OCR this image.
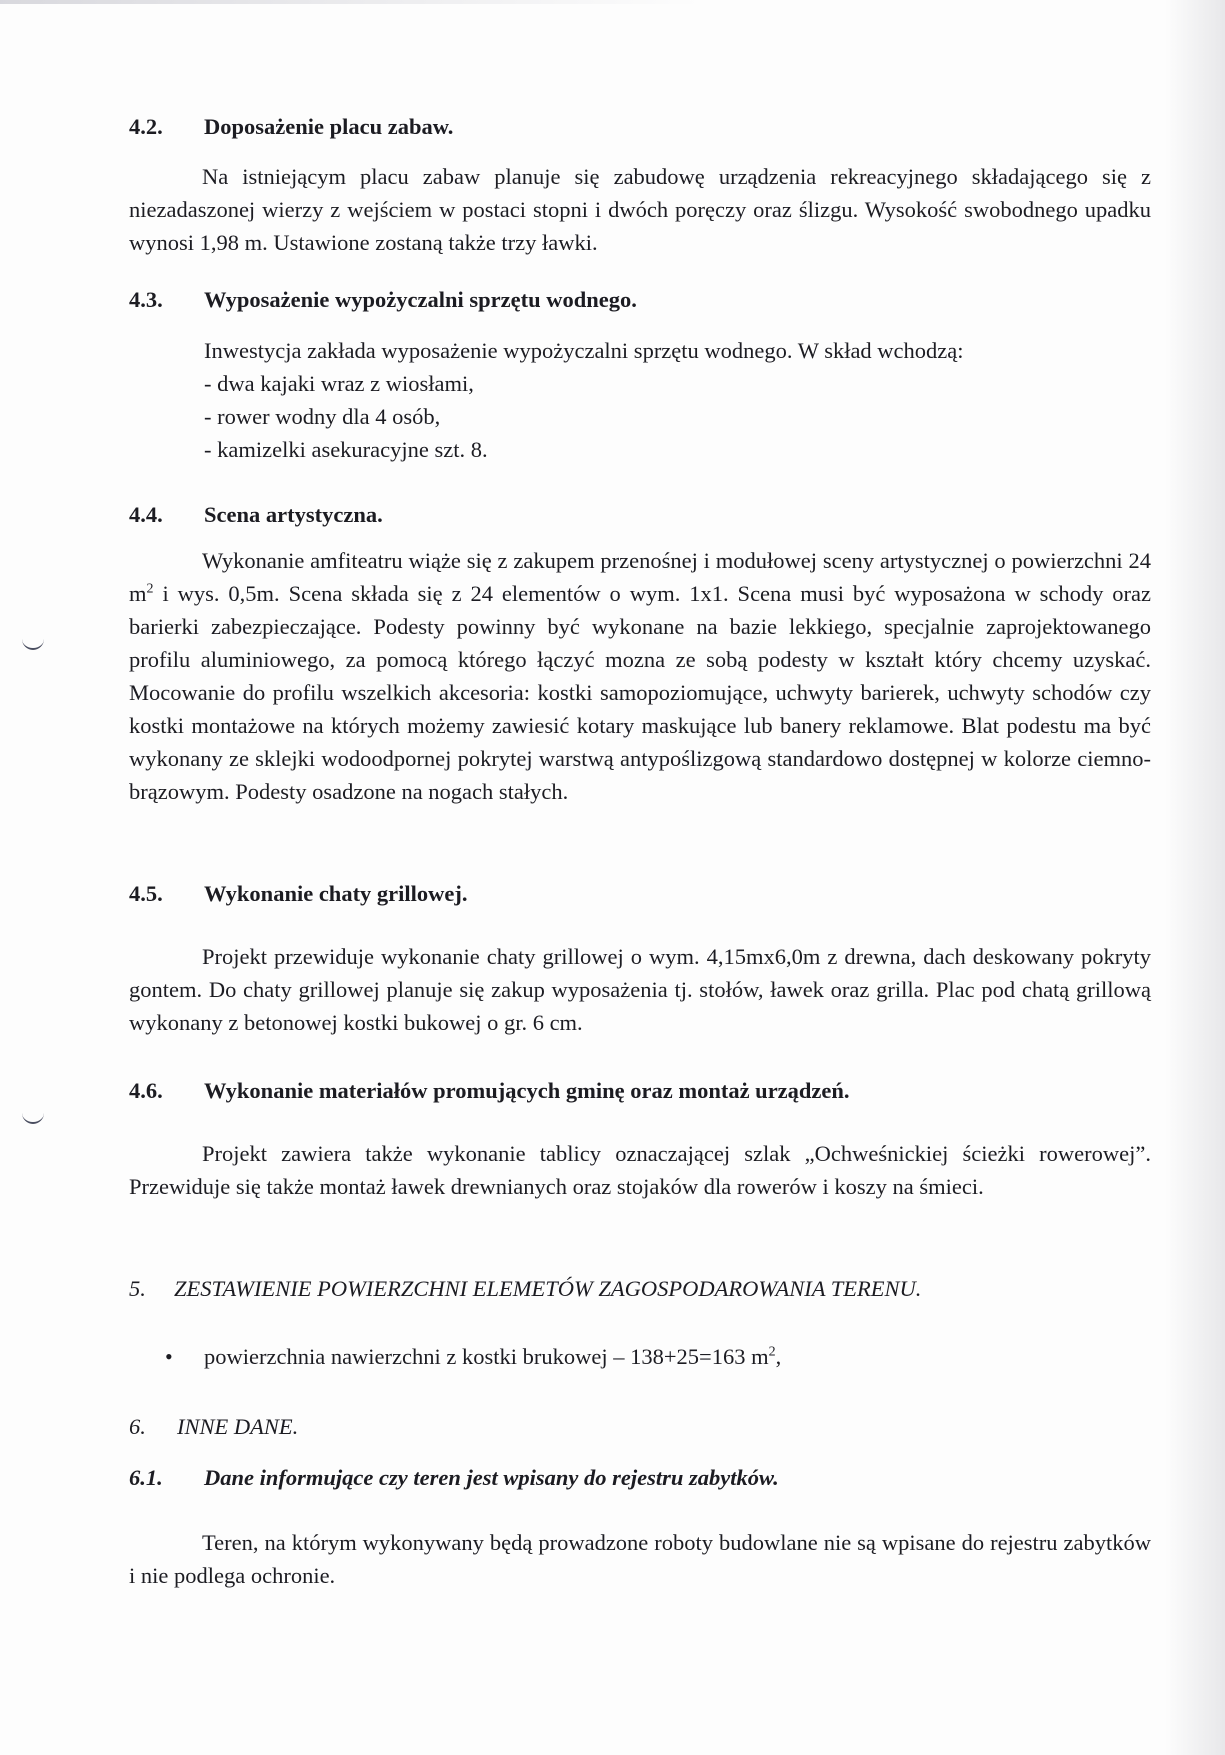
4.2. Doposażenie placu zabaw.

Na istniejącym placu zabaw planuje się zabudowę urządzenia rekreacyjnego składającego się z niezadaszonej wierzy z wejściem w postaci stopni i dwóch poręczy oraz ślizgu. Wysokość swobodnego upadku wynosi 1,98 m. Ustawione zostaną także trzy ławki.

4.3. Wyposażenie wypożyczalni sprzętu wodnego.
Inwestycja zakłada wyposażenie wypożyczalni sprzętu wodnego. W skład wchodzą:
- dwa kajaki wraz z wiosłami,
- rower wodny dla 4 osób,
- kamizelki asekuracyjne szt. 8.
4.4. Scena artystyczna.

Wykonanie amfiteatru wiąże się z zakupem przenośnej i modułowej sceny artystycznej o powierzchni 24 $m^2$ i wys. 0,5m. Scena składa się z 24 elementów o wym. 1x1. Scena musi być wyposażona w schody oraz barierki zabezpieczające. Podesty powinny być wykonane na bazie lekkiego, specjalnie zaprojektowanego profilu aluminiowego, za pomocą którego łączyć mozna ze sobą podesty w kształt który chcemy uzyskać. Mocowanie do profilu wszelkich akcesoria: kostki samopoziomujące, uchwyty barierek, uchwyty schodów czy kostki montażowe na których możemy zawiesić kotary maskujące lub banery reklamowe. Blat podestu ma być wykonany ze sklejki wodoodpornej pokrytej warstwą antypoślizgową standardowo dostępnej w kolorze ciemno-brązowym. Podesty osadzone na nogach stałych.

4.5. Wykonanie chaty grillowej.

Projekt przewiduje wykonanie chaty grillowej o wym. 4,15mx6,0m z drewna, dach deskowany pokryty gontem. Do chaty grillowej planuje się zakup wyposażenia tj. stołów, ławek oraz grilla. Plac pod chatą grillową wykonany z betonowej kostki bukowej o gr. 6 cm.

4.6. Wykonanie materiałów promujących gminę oraz montaż urządzeń.

Projekt zawiera także wykonanie tablicy oznaczającej szlak „Ochweśnickiej ścieżki rowerowej”. Przewiduje się także montaż ławek drewnianych oraz stojaków dla rowerów i koszy na śmieci.

5. ZESTAWIENIE POWIERZCHNI ELEMETÓW ZAGOSPODAROWANIA TERENU.
• powierzchnia nawierzchni z kostki brukowej – 138+25=163 $m^2$,
6. INNE DANE.
6.1. Dane informujące czy teren jest wpisany do rejestru zabytków.

Teren, na którym wykonywany będą prowadzone roboty budowlane nie są wpisane do rejestru zabytków i nie podlega ochronie.
